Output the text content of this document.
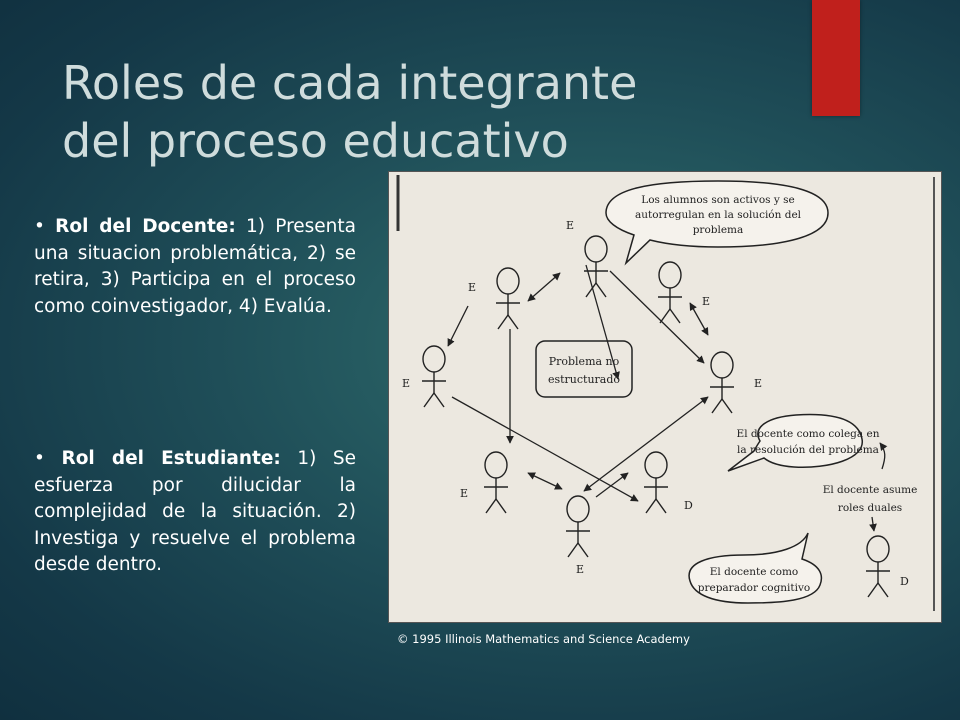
Roles de cada integrante
del proceso educativo

• Rol del Docente: 1) Presenta una situacion problemática, 2) se retira, 3) Participa en el proceso como coinvestigador, 4) Evalúa.

• Rol del Estudiante: 1) Se esfuerza por dilucidar la complejidad de la situación. 2) Investiga y resuelve el problema desde dentro.

Problema no
estructurado
E
E
E
E	E
E
D
E
D
Los alumnos son activos y se
autorregulan en la solución del
problema
El docente como colega en
la resolución del problema
El docente asume
roles duales
El docente como
preparador cognitivo
© 1995 Illinois Mathematics and Science Academy
